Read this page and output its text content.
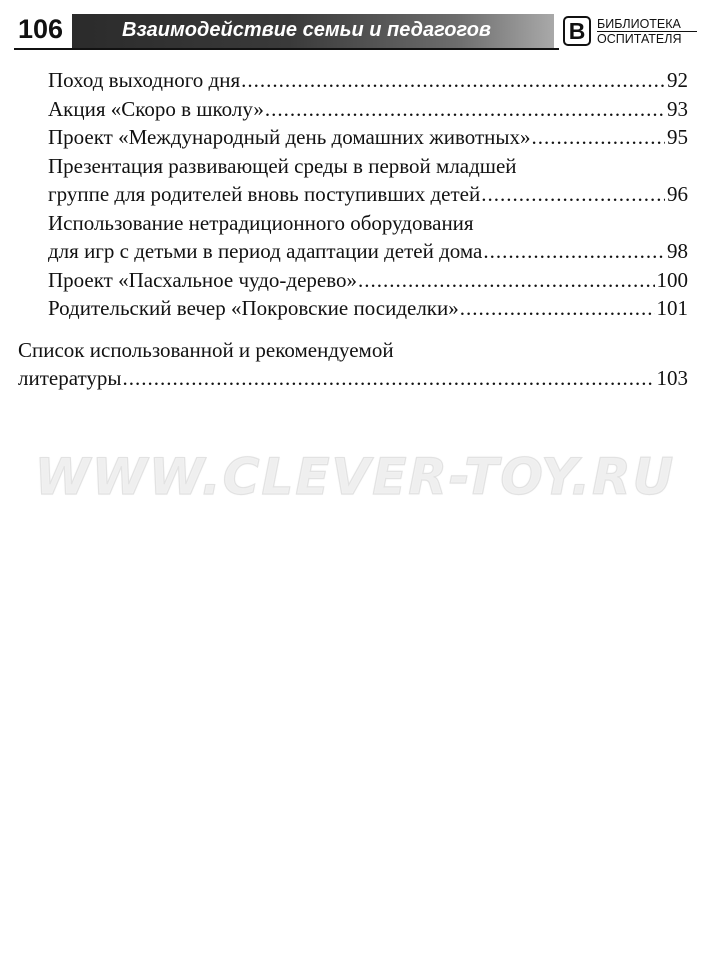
106	Взаимодействие семьи и педагогов	В БИБЛИОТЕКА
ОСПИТАТЕЛЯ
Поход выходного дня .....	92
Акция «Скоро в школу» .....	93
Проект «Международный день домашних животных» .....	95
Презентация развивающей среды в первой младшей
группе для родителей вновь поступивших детей .....	96
Использование нетрадиционного оборудования
для игр с детьми в период адаптации детей дома .....	98
Проект «Пасхальное чудо-дерево» .....	100
Родительский вечер «Покровские посиделки» .....	101
Список использованной и рекомендуемой
литературы .....	103
WWW.CLEVER-TOY.RU
